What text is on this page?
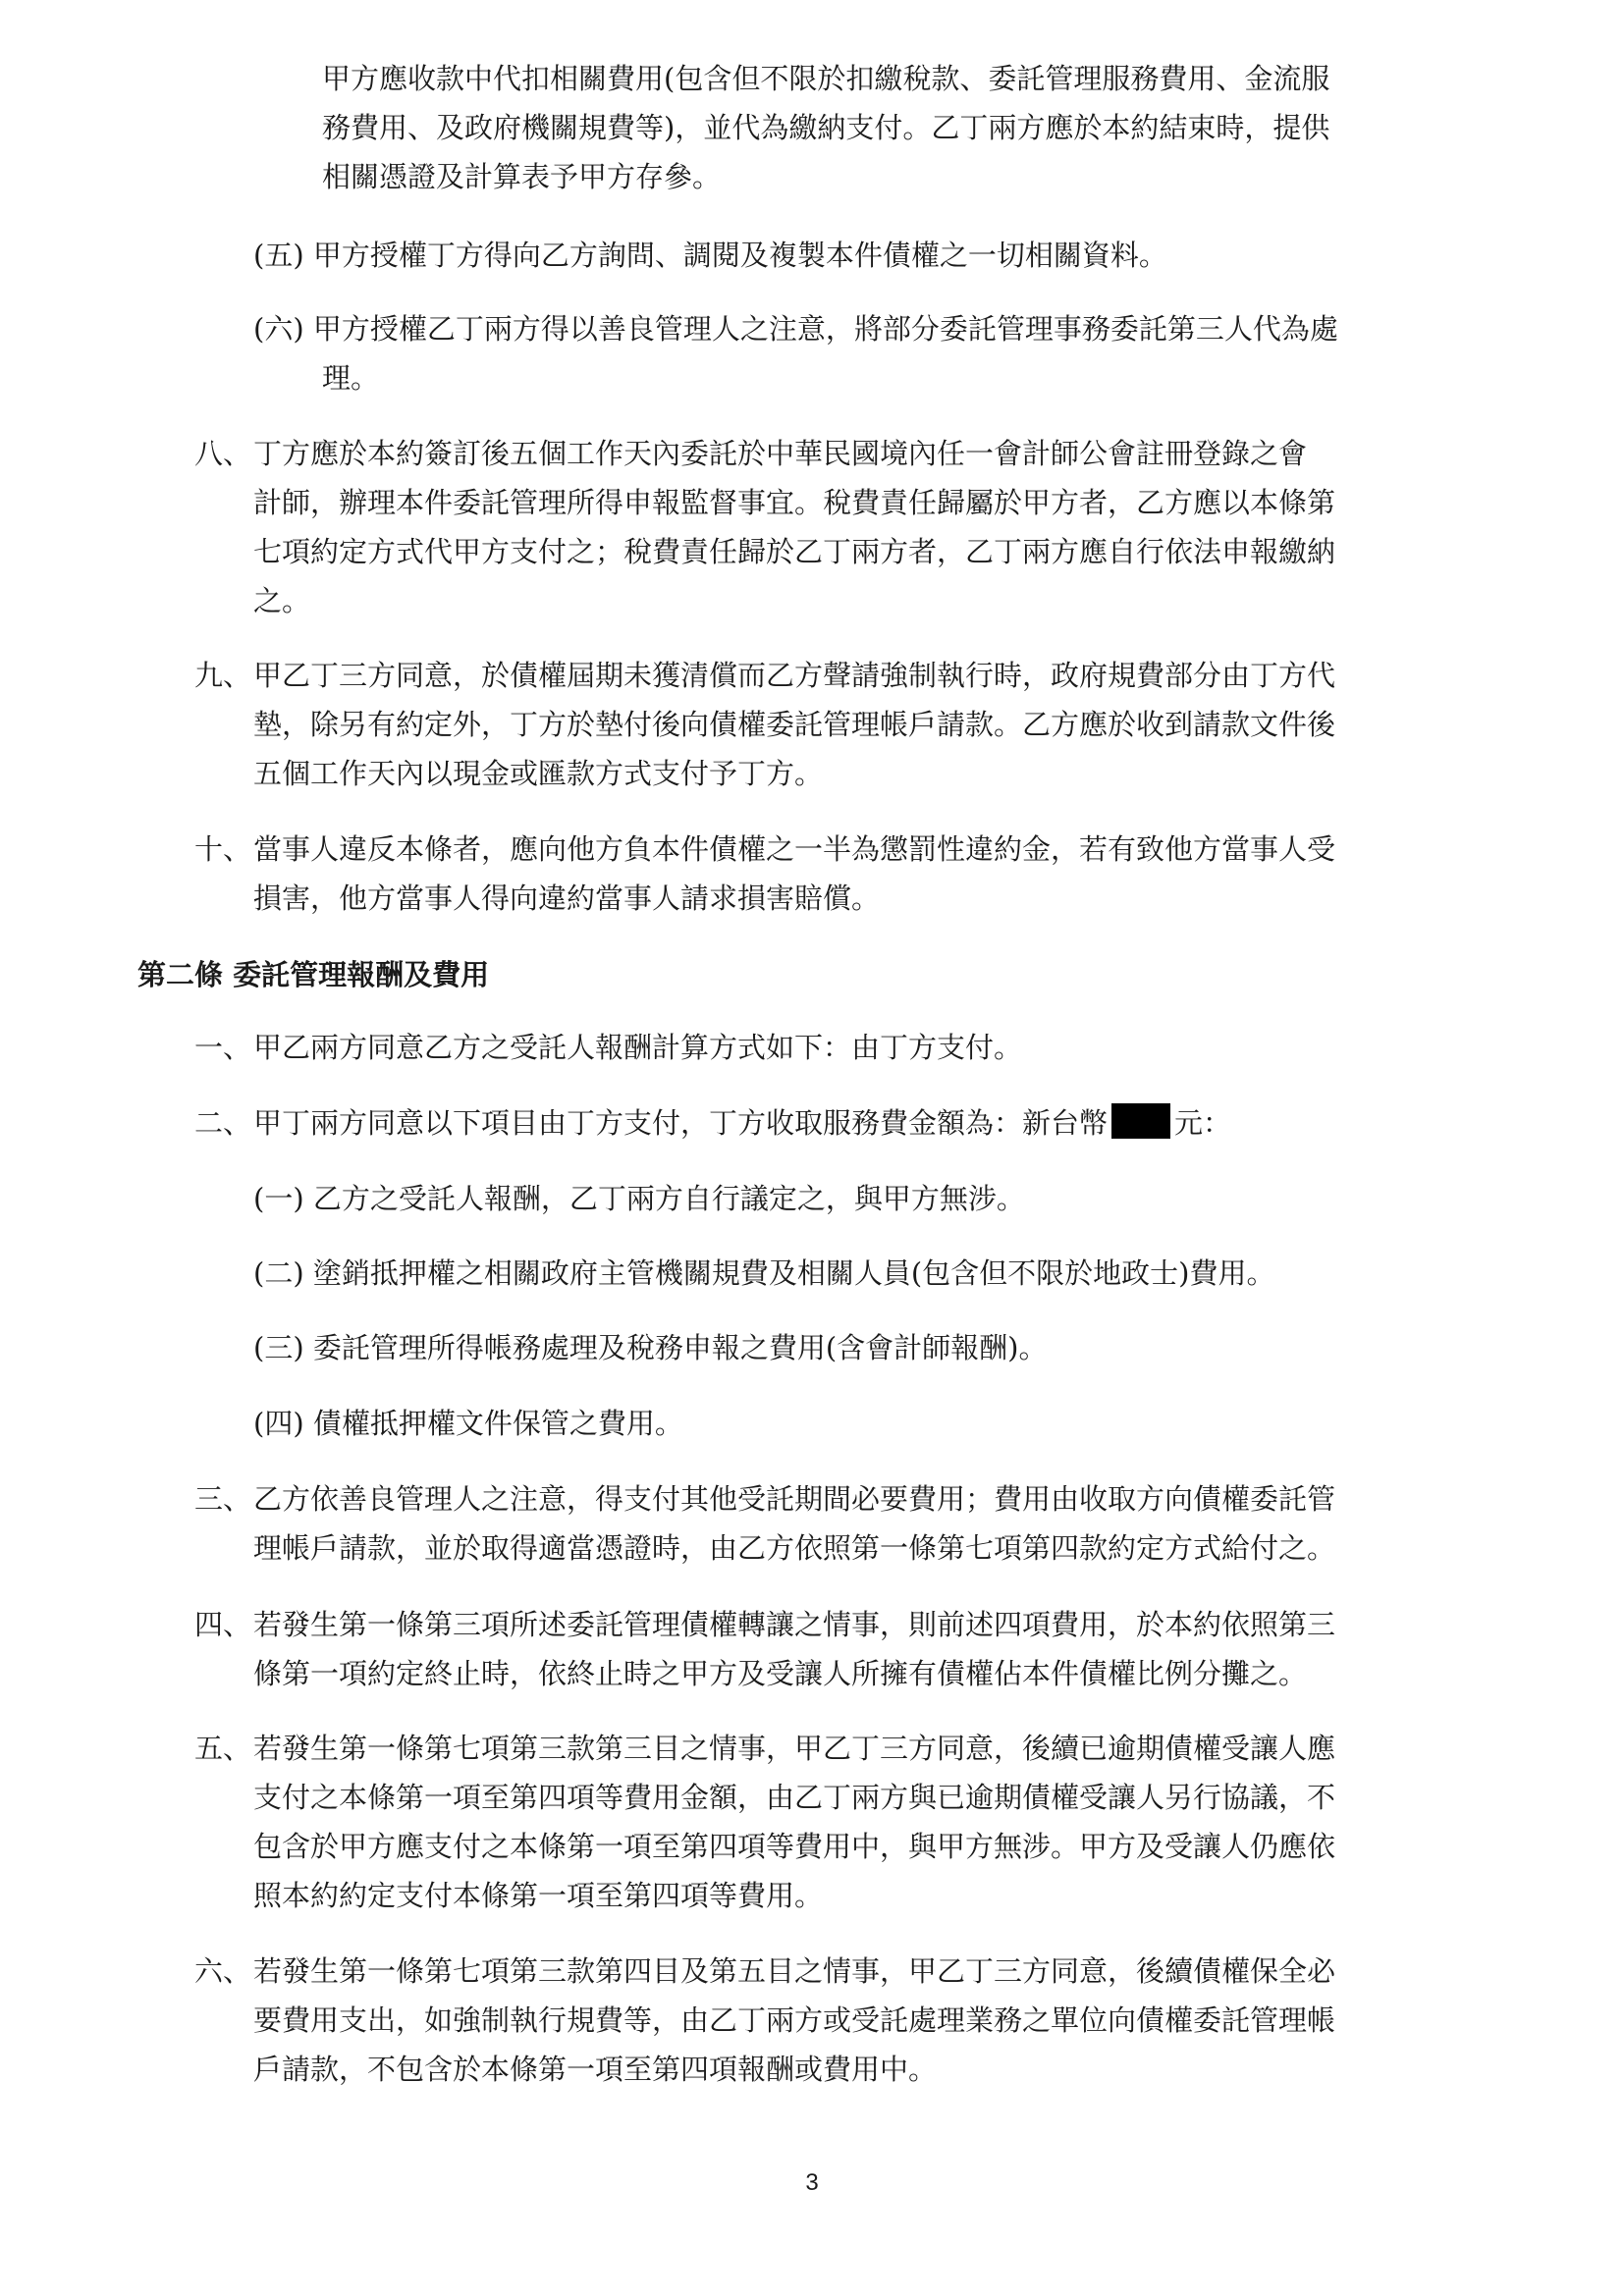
甲方應收款中代扣相關費用(包含但不限於扣繳稅款、委託管理服務費用、金流服
務費用、及政府機關規費等)，並代為繳納支付。乙丁兩方應於本約結束時，提供
相關憑證及計算表予甲方存參。
(五) 甲方授權丁方得向乙方詢問、調閱及複製本件債權之一切相關資料。
(六) 甲方授權乙丁兩方得以善良管理人之注意，將部分委託管理事務委託第三人代為處
理。
八、 丁方應於本約簽訂後五個工作天內委託於中華民國境內任一會計師公會註冊登錄之會
計師，辦理本件委託管理所得申報監督事宜。稅費責任歸屬於甲方者，乙方應以本條第
七項約定方式代甲方支付之；稅費責任歸於乙丁兩方者，乙丁兩方應自行依法申報繳納
之。
九、 甲乙丁三方同意，於債權屆期未獲清償而乙方聲請強制執行時，政府規費部分由丁方代
墊，除另有約定外，丁方於墊付後向債權委託管理帳戶請款。乙方應於收到請款文件後
五個工作天內以現金或匯款方式支付予丁方。
十、 當事人違反本條者，應向他方負本件債權之一半為懲罰性違約金，若有致他方當事人受
損害，他方當事人得向違約當事人請求損害賠償。
第二條 委託管理報酬及費用
一、 甲乙兩方同意乙方之受託人報酬計算方式如下：由丁方支付。
二、 甲丁兩方同意以下項目由丁方支付，丁方收取服務費金額為：新台幣 元：
(一) 乙方之受託人報酬，乙丁兩方自行議定之，與甲方無涉。
(二) 塗銷抵押權之相關政府主管機關規費及相關人員(包含但不限於地政士)費用。
(三) 委託管理所得帳務處理及稅務申報之費用(含會計師報酬)。
(四) 債權抵押權文件保管之費用。
三、 乙方依善良管理人之注意，得支付其他受託期間必要費用；費用由收取方向債權委託管
理帳戶請款，並於取得適當憑證時，由乙方依照第一條第七項第四款約定方式給付之。
四、 若發生第一條第三項所述委託管理債權轉讓之情事，則前述四項費用，於本約依照第三
條第一項約定終止時，依終止時之甲方及受讓人所擁有債權佔本件債權比例分攤之。
五、 若發生第一條第七項第三款第三目之情事，甲乙丁三方同意，後續已逾期債權受讓人應
支付之本條第一項至第四項等費用金額，由乙丁兩方與已逾期債權受讓人另行協議，不
包含於甲方應支付之本條第一項至第四項等費用中，與甲方無涉。甲方及受讓人仍應依
照本約約定支付本條第一項至第四項等費用。
六、 若發生第一條第七項第三款第四目及第五目之情事，甲乙丁三方同意，後續債權保全必
要費用支出，如強制執行規費等，由乙丁兩方或受託處理業務之單位向債權委託管理帳
戶請款，不包含於本條第一項至第四項報酬或費用中。
3
